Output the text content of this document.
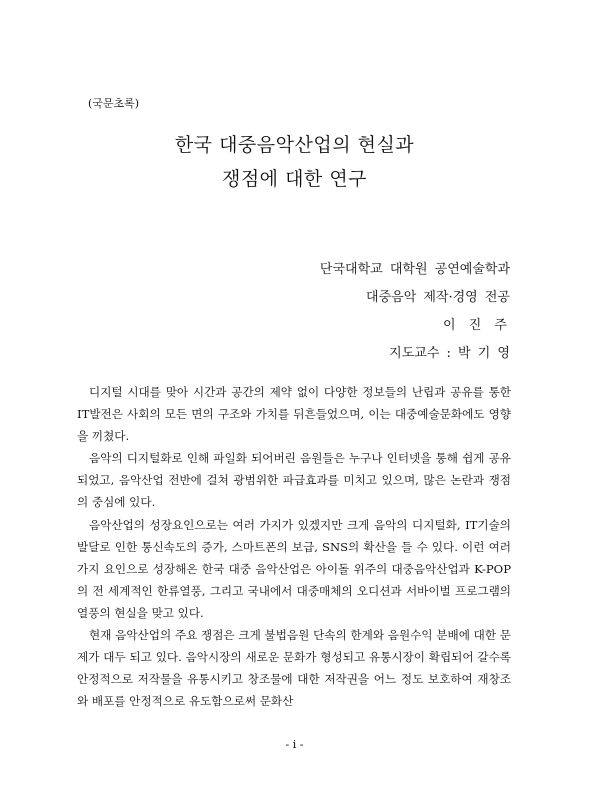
(국문초록)
한국 대중음악산업의 현실과
쟁점에 대한 연구
단국대학교 대학원 공연예술학과
대중음악 제작·경영 전공
이 진 주
지도교수 : 박 기 영

디지털 시대를 맞아 시간과 공간의 제약 없이 다양한 정보들의 난립과 공유를 통한 IT발전은 사회의 모든 면의 구조와 가치를 뒤흔들었으며, 이는 대중예술문화에도 영향을 끼쳤다.

음악의 디지털화로 인해 파일화 되어버린 음원들은 누구나 인터넷을 통해 쉽게 공유되었고, 음악산업 전반에 걸쳐 광범위한 파급효과를 미치고 있으며, 많은 논란과 쟁점의 중심에 있다.

음악산업의 성장요인으로는 여러 가지가 있겠지만 크게 음악의 디지털화, IT기술의 발달로 인한 통신속도의 증가, 스마트폰의 보급, SNS의 확산을 들 수 있다. 이런 여러 가지 요인으로 성장해온 한국 대중 음악산업은 아이돌 위주의 대중음악산업과 K-POP의 전 세계적인 한류열풍, 그리고 국내에서 대중매체의 오디션과 서바이벌 프로그램의 열풍의 현실을 맞고 있다.

현재 음악산업의 주요 쟁점은 크게 불법음원 단속의 한계와 음원수익 분배에 대한 문제가 대두 되고 있다. 음악시장의 새로운 문화가 형성되고 유통시장이 확립되어 갈수록 안정적으로 저작물을 유통시키고 창조물에 대한 저작권을 어느 정도 보호하여 재창조와 배포를 안정적으로 유도함으로써 문화산

- i -
